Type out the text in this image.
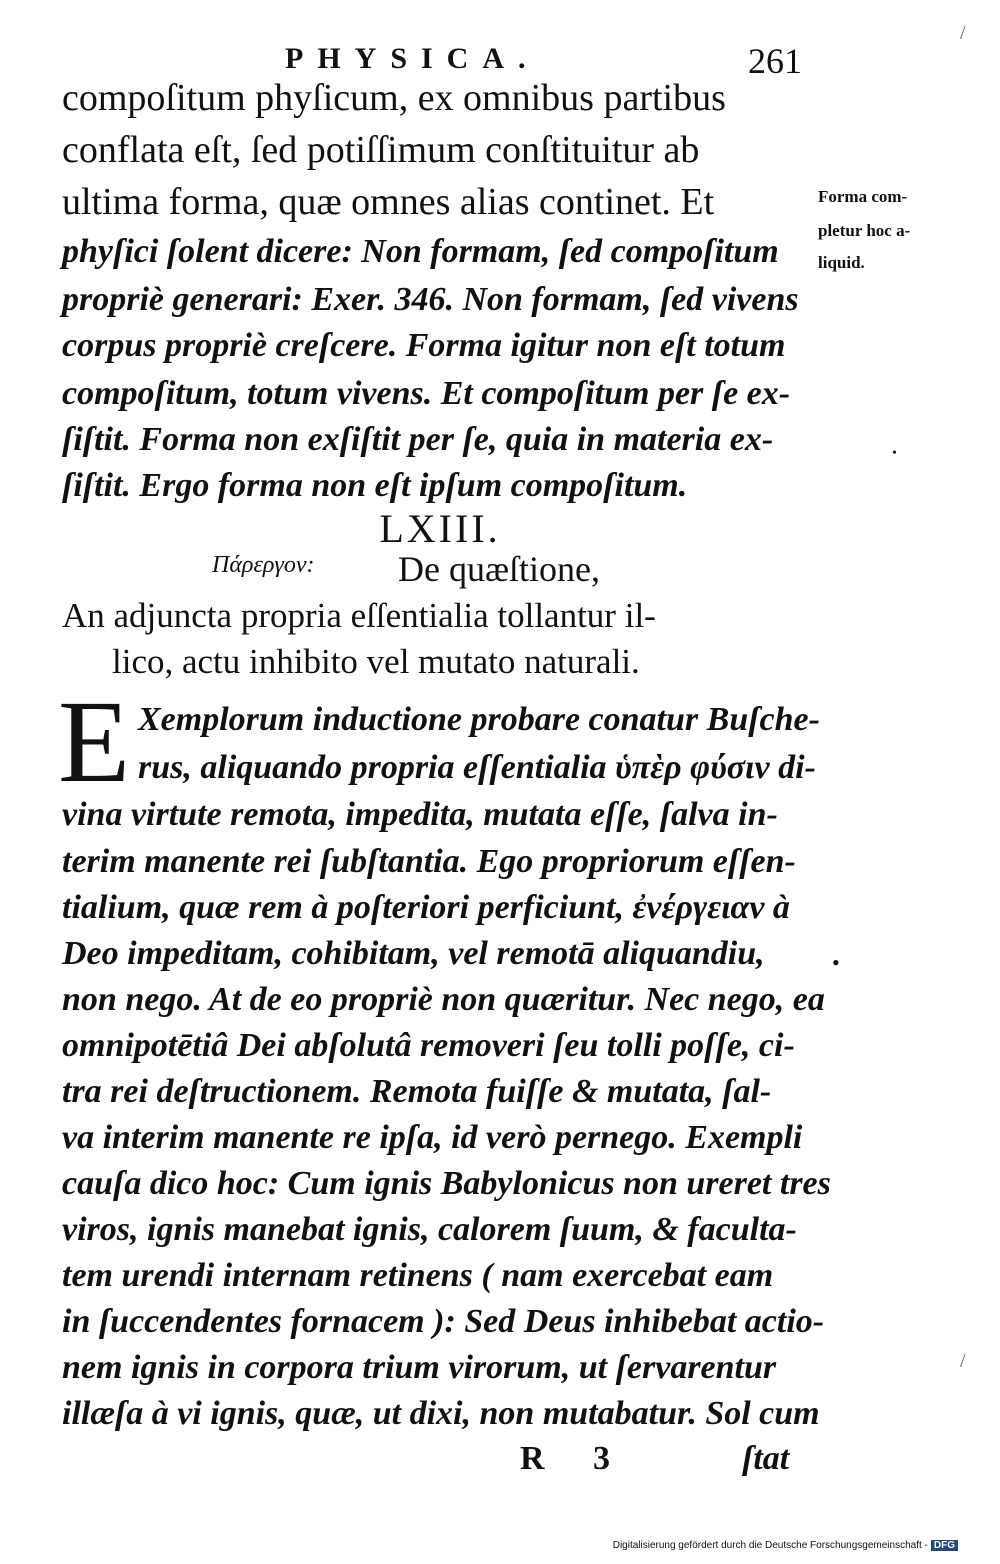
PHYSICA.	261
compoſitum phyſicum, ex omnibus partibus
conflata eſt, ſed potiſſimum conſtituitur ab
ultima forma, quæ omnes alias continet. Et
phyſici ſolent dicere: Non formam, ſed compoſitum
propriè generari: Exer. 346. Non formam, ſed vivens
corpus propriè creſcere. Forma igitur non eſt totum
compoſitum, totum vivens. Et compoſitum per ſe ex-
ſiſtit. Forma non exſiſtit per ſe, quia in materia ex-
ſiſtit. Ergo forma non eſt ipſum compoſitum.
Forma com-
pletur hoc a-
liquid.
LXIII.
Πάρεργον: De quæſtione,
An adjuncta propria eſſentialia tollantur il-
lico, actu inhibito vel mutato naturali.
E Xemplorum inductione probare conatur Buſche-
rus, aliquando propria eſſentialia ὑπὲρ φύσιν di-
vina virtute remota, impedita, mutata eſſe, ſalva in-
terim manente rei ſubſtantia. Ego propriorum eſſen-
tialium, quæ rem à poſteriori perficiunt, ἐνέργειαν à
Deo impeditam, cohibitam, vel remotā aliquandiu,
non nego. At de eo propriè non quæritur. Nec nego, ea
omnipotētiâ Dei abſolutâ removeri ſeu tolli poſſe, ci-
tra rei deſtructionem. Remota fuiſſe & mutata, ſal-
va interim manente re ipſa, id verò pernego. Exempli
cauſa dico hoc: Cum ignis Babylonicus non ureret tres
viros, ignis manebat ignis, calorem ſuum, & faculta-
tem urendi internam retinens ( nam exercebat eam
in ſuccendentes fornacem ): Sed Deus inhibebat actio-
nem ignis in corpora trium virorum, ut ſervarentur
illæſa à vi ignis, quæ, ut dixi, non mutabatur. Sol cum
R 3	ſtat
/
•
•
/
Digitalisierung gefördert durch die Deutsche Forschungsgemeinschaft - DFG
